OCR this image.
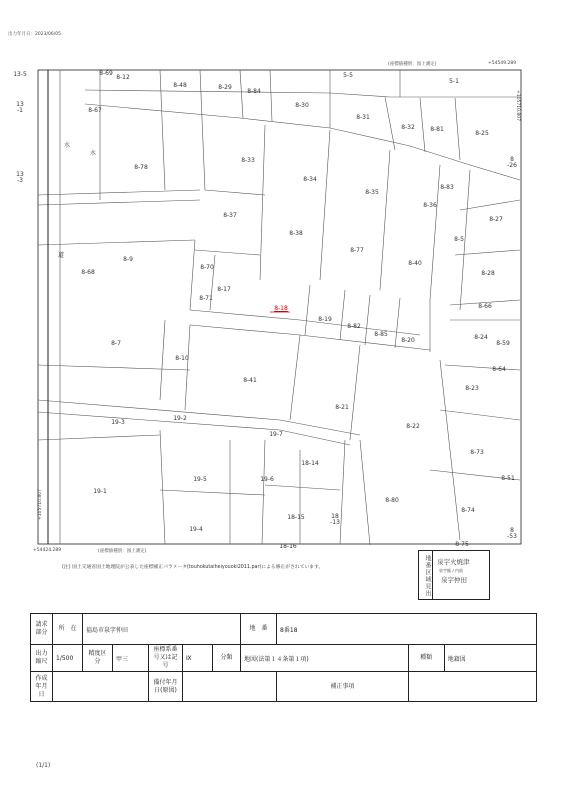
出力年月日：2023/06/05
(座標値種別：図上測定)	+54549.289
+105710.807
+105710.807
+54424.289	(座標値種別：図上測定)
水
水
道
13-5	8-69
8-12
8-48	8-29
8-84
5-5
5-1
13
-1	8-67
8-30
8-31
8-32	8-81
8-25
8
-26
8-78
8-33
8-34
13
-3
8-35
8-83
8-36
8-37
8-27
8-38
8-5
8-77
8-9
8-70
8-40
8-68	8-28
8-17
8-71
8-18	8-66
8-19
8-82
8-85
8-20	8-24
8-7	8-59
8-10
8-64
8-41
8-23
8-21
19-3
19-2
8-22
19-7
8-73
18-14
19-6	8-51
19-1
19-5
8-80
8-74
18-15	18
-13
19-4	8
-53
8-75
18-16
(注) 国土交通省国土地理院が公表した座標補正パラメータ(touhokutaiheiyouoki2011.par)による修正がされています。	地番区域見出 泉字火焼津
泉字飯ノ内前
泉字仲田
請求部分	所　在	福島市泉字仲田					地　番	8番18		
出力縮尺	1/500	精度区分	甲三	座標系番号又は記号	Ⅸ	分類	地図(法第１４条第１項)		種類	地籍図
作成年月日				備付年月日(原図)				補正事項		
(1/1)
